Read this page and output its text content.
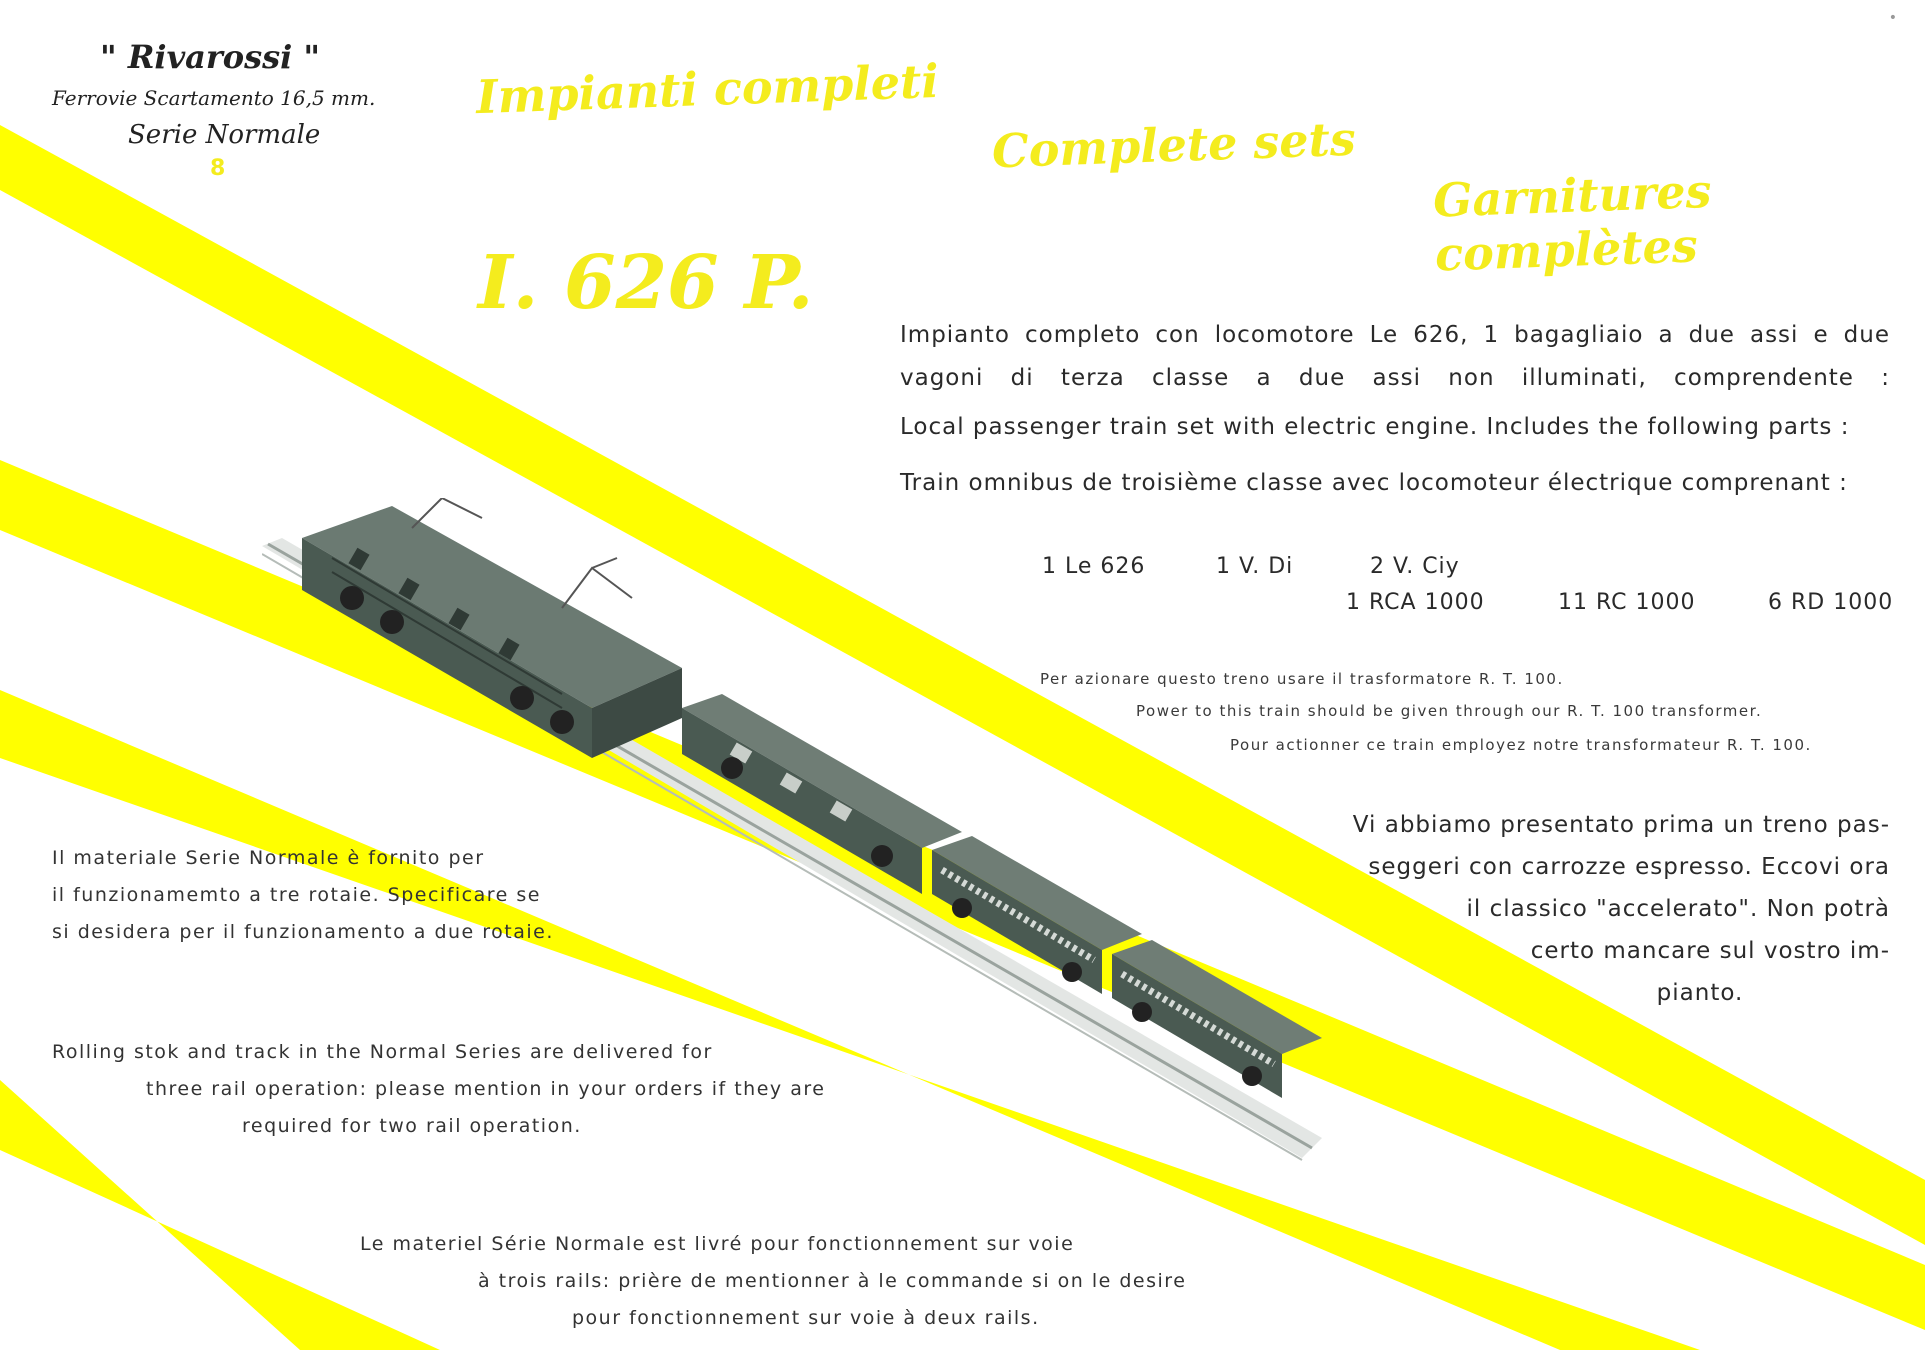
•
" Rivarossi "
Ferrovie Scartamento 16,5 mm.
Serie Normale
8
Impianti completi
Complete sets
Garnitures complètes
I. 626 P.
Impianto completo con locomotore Le 626, 1 bagagliaio a due assi e due vagoni di terza classe a due assi non illuminati, comprendente :
Local passenger train set with electric engine. Includes the following parts :
Train omnibus de troisième classe avec locomoteur électrique comprenant :
1 Le 626	1 V. Di	2 V. Ciy
1 RCA 1000	11 RC 1000	6 RD 1000
Per azionare questo treno usare il trasformatore R. T. 100.
Power to this train should be given through our R. T. 100 transformer.
Pour actionner ce train employez notre transformateur R. T. 100.
Vi abbiamo presentato prima un treno pas-
seggeri con carrozze espresso. Eccovi ora
il classico "accelerato". Non potrà
certo mancare sul vostro im-
pianto.
Il materiale Serie Normale è fornito per
il funzionamemto a tre rotaie. Specificare se
si desidera per il funzionamento a due rotaie.
Rolling stok and track in the Normal Series are delivered for
three rail operation: please mention in your orders if they are
required for two rail operation.
Le materiel Série Normale est livré pour fonctionnement sur voie
à trois rails: prière de mentionner à le commande si on le desire
pour fonctionnement sur voie à deux rails.
